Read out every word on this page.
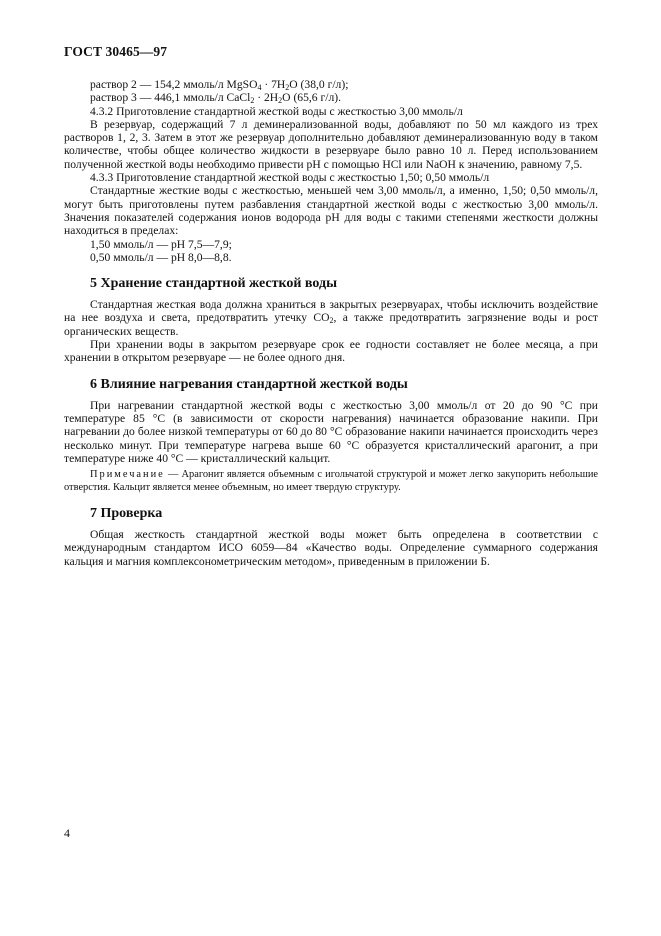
ГОСТ 30465—97

раствор 2 — 154,2 ммоль/л MgSO$_4$ · $7H_2O$ (38,0 г/л);

раствор 3 — 446,1 ммоль/л CaCl$_2$ · $2H_2O$ (65,6 г/л).

4.3.2 Приготовление стандартной жесткой воды с жесткостью 3,00 ммоль/л

В резервуар, содержащий 7 л деминерализованной воды, добавляют по 50 мл каждого из трех растворов 1, 2, 3. Затем в этот же резервуар дополнительно добавляют деминерализованную воду в таком количестве, чтобы общее количество жидкости в резервуаре было равно 10 л. Перед использованием полученной жесткой воды необходимо привести pH с помощью HCl или NaOH к значению, равному 7,5.

4.3.3 Приготовление стандартной жесткой воды с жесткостью 1,50; 0,50 ммоль/л

Стандартные жесткие воды с жесткостью, меньшей чем 3,00 ммоль/л, а именно, 1,50; 0,50 ммоль/л, могут быть приготовлены путем разбавления стандартной жесткой воды с жесткостью 3,00 ммоль/л. Значения показателей содержания ионов водорода pH для воды с такими степенями жесткости должны находиться в пределах:

1,50 ммоль/л — pH 7,5—7,9;

0,50 ммоль/л — pH 8,0—8,8.

5 Хранение стандартной жесткой воды

Стандартная жесткая вода должна храниться в закрытых резервуарах, чтобы исключить воздействие на нее воздуха и света, предотвратить утечку $CO_2$, а также предотвратить загрязнение воды и рост органических веществ.

При хранении воды в закрытом резервуаре срок ее годности составляет не более месяца, а при хранении в открытом резервуаре — не более одного дня.

6 Влияние нагревания стандартной жесткой воды

При нагревании стандартной жесткой воды с жесткостью 3,00 ммоль/л от 20 до 90 °С при температуре 85 °С (в зависимости от скорости нагревания) начинается образование накипи. При нагревании до более низкой температуры от 60 до 80 °С образование накипи начинается происходить через несколько минут. При температуре нагрева выше 60 °С образуется кристаллический арагонит, а при температуре ниже 40 °С — кристаллический кальцит.

Примечание — Арагонит является объемным с игольчатой структурой и может легко закупорить небольшие отверстия. Кальцит является менее объемным, но имеет твердую структуру.

7 Проверка

Общая жесткость стандартной жесткой воды может быть определена в соответствии с международным стандартом ИСО 6059—84 «Качество воды. Определение суммарного содержания кальция и магния комплексонометрическим методом», приведенным в приложении Б.

4
